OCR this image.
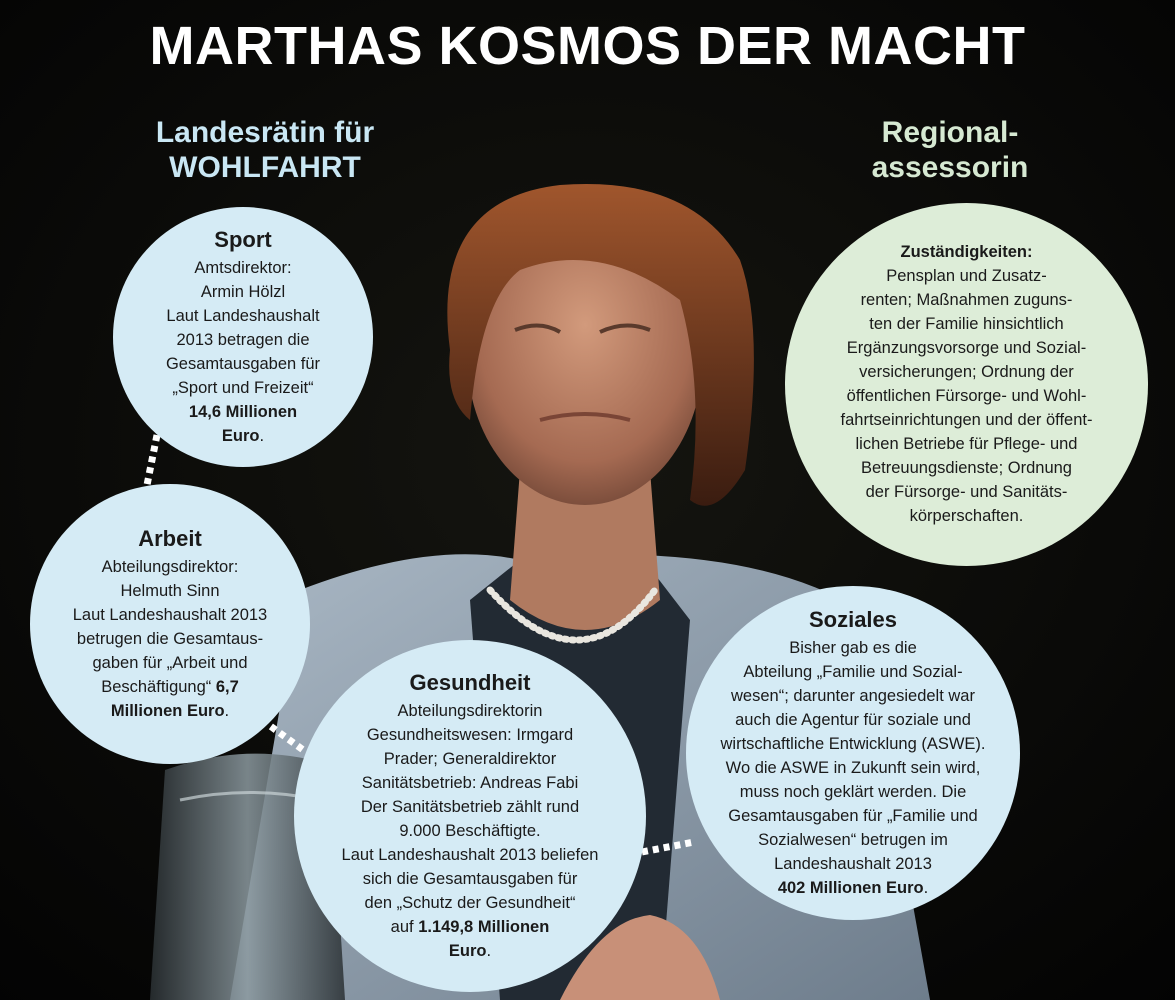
MARTHAS KOSMOS DER MACHT
Landesrätin für
WOHLFAHRT
Regional-
assessorin
Sport
Amtsdirektor:
Armin Hölzl
Laut Landeshaushalt
2013 betragen die
Gesamtausgaben für
„Sport und Freizeit“
14,6 Millionen
Euro.
Arbeit
Abteilungsdirektor:
Helmuth Sinn
Laut Landeshaushalt 2013
betrugen die Gesamtaus-
gaben für „Arbeit und
Beschäftigung“ 6,7
Millionen Euro.
Gesundheit
Abteilungsdirektorin
Gesundheitswesen: Irmgard
Prader; Generaldirektor
Sanitätsbetrieb: Andreas Fabi
Der Sanitätsbetrieb zählt rund
9.000 Beschäftigte.
Laut Landeshaushalt 2013 beliefen
sich die Gesamtausgaben für
den „Schutz der Gesundheit“
auf 1.149,8 Millionen
Euro.
Soziales
Bisher gab es die
Abteilung „Familie und Sozial-
wesen“; darunter angesiedelt war
auch die Agentur für soziale und
wirtschaftliche Entwicklung (ASWE).
Wo die ASWE in Zukunft sein wird,
muss noch geklärt werden. Die
Gesamtausgaben für „Familie und
Sozialwesen“ betrugen im
Landeshaushalt 2013
402 Millionen Euro.
Zuständigkeiten:
Pensplan und Zusatz-
renten; Maßnahmen zuguns-
ten der Familie hinsichtlich
Ergänzungsvorsorge und Sozial-
versicherungen; Ordnung der
öffentlichen Fürsorge- und Wohl-
fahrtseinrichtungen und der öffent-
lichen Betriebe für Pflege- und
Betreuungsdienste; Ordnung
der Fürsorge- und Sanitäts-
körperschaften.
